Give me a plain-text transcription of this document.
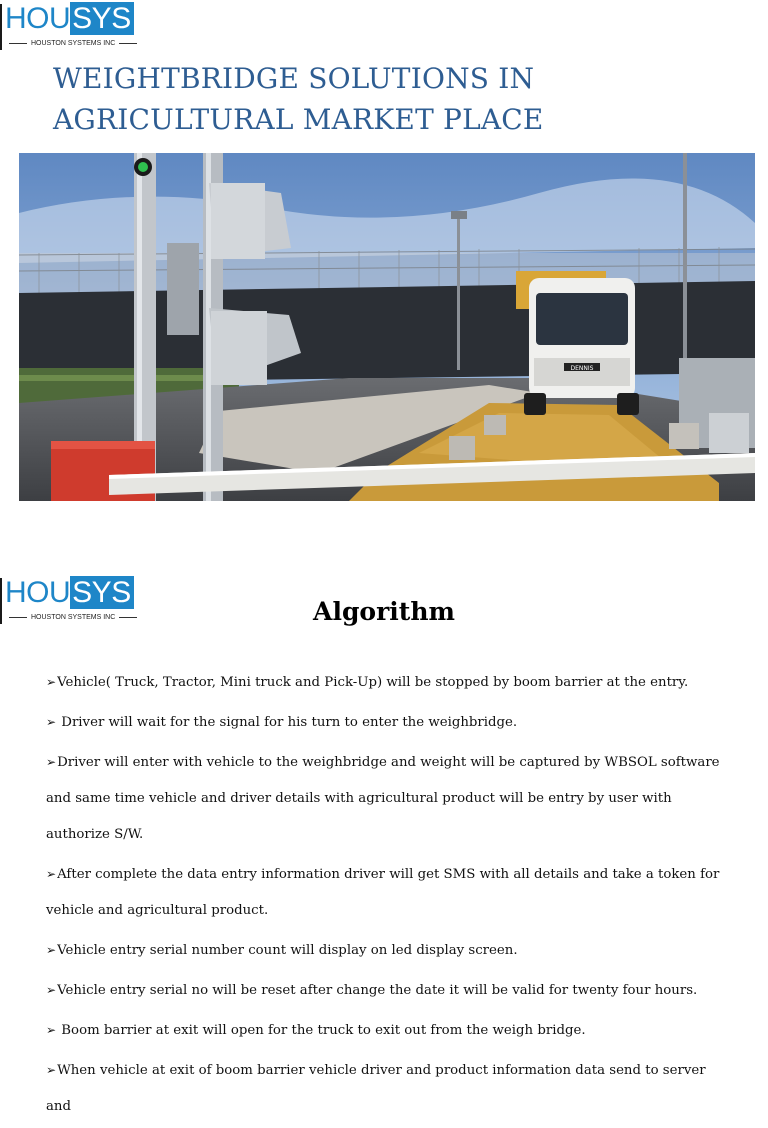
HOUSYS
HOUSTON SYSTEMS INC
WEIGHTBRIDGE SOLUTIONS IN
AGRICULTURAL MARKET PLACE
DENNIS
HOUSYS
HOUSTON SYSTEMS INC	Algorithm
➢Vehicle( Truck, Tractor, Mini truck and Pick-Up) will be stopped by boom barrier at the entry.
➢ Driver will wait for the signal for his turn to enter the weighbridge.
➢Driver will enter with vehicle to the weighbridge and weight will be captured by WBSOL software and same time vehicle and driver details with agricultural product will be entry by user with authorize S/W.
➢After complete the data entry information driver will get SMS with all details and take a token for vehicle and agricultural product.
➢Vehicle entry serial number count will display on led display screen.
➢Vehicle entry serial no will be reset after change the date it will be valid for twenty four hours.
➢ Boom barrier at exit will open for the truck to exit out from the weigh bridge.
➢When vehicle at exit of boom barrier vehicle driver and product information data send to server and
